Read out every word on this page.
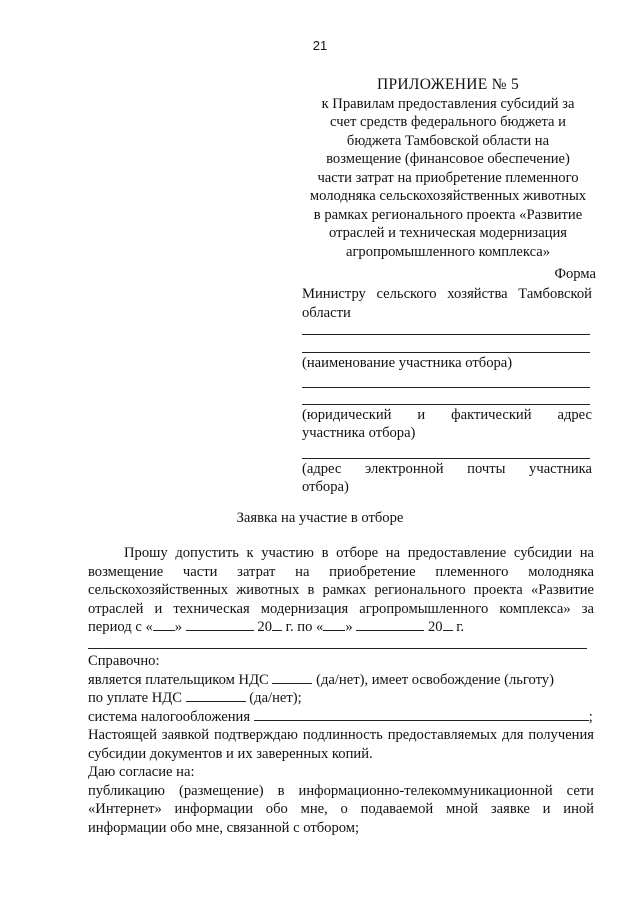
21
ПРИЛОЖЕНИЕ № 5
к Правилам предоставления субсидий за
счет средств федерального бюджета и
бюджета Тамбовской области на
возмещение (финансовое обеспечение)
части затрат на приобретение племенного
молодняка сельскохозяйственных животных
в рамках регионального проекта «Развитие
отраслей и техническая модернизация
агропромышленного комплекса»
Форма
Министру сельского хозяйства Тамбовской области
(наименование участника отбора)
(юридический и фактический адрес
участника отбора)
(адрес электронной почты участника
отбора)
Заявка на участие в отборе
Прошу допустить к участию в отборе на предоставление субсидии на возмещение части затрат на приобретение племенного молодняка сельскохозяйственных животных в рамках регионального проекта «Развитие отраслей и техническая модернизация агропромышленного комплекса» за
период с « »	20 г. по « »	20 г.

Справочно:

является плательщиком НДС	(да/нет), имеет освобождение (льготу)

по уплате НДС	(да/нет);

система налогообложения	;

Настоящей заявкой подтверждаю подлинность предоставляемых для получения субсидии документов и их заверенных копий.

Даю согласие на:

публикацию (размещение) в информационно-телекоммуникационной сети «Интернет» информации обо мне, о подаваемой мной заявке и иной информации обо мне, связанной с отбором;
